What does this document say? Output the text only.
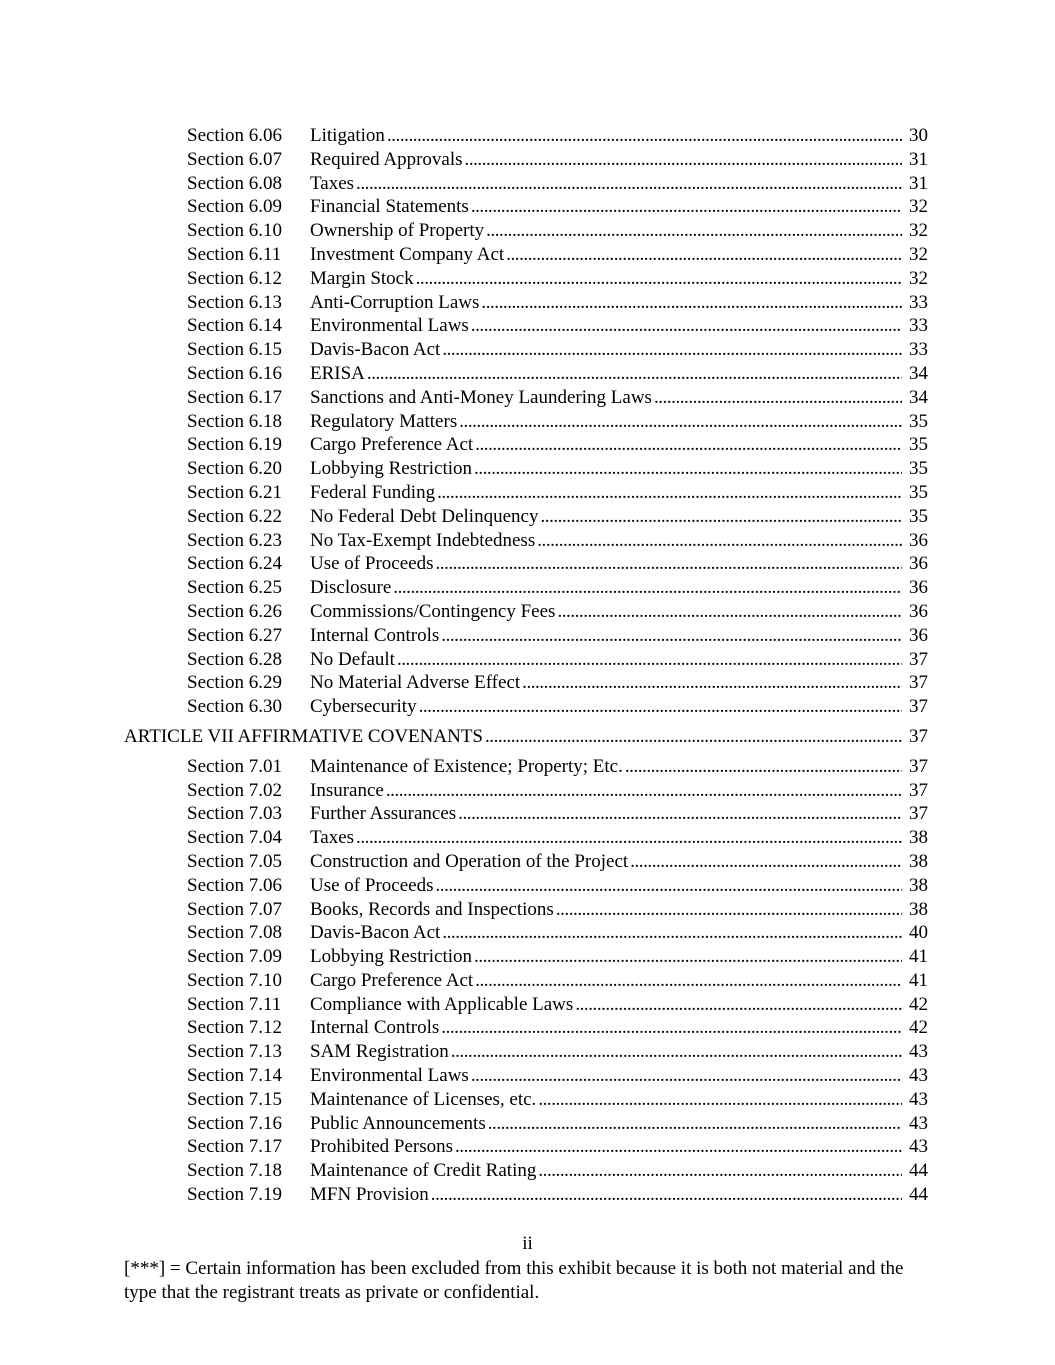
Section 6.06	Litigation . . .	30
Section 6.07	Required Approvals . . .	31
Section 6.08	Taxes . . .	31
Section 6.09	Financial Statements . . .	32
Section 6.10	Ownership of Property . . .	32
Section 6.11	Investment Company Act . . .	32
Section 6.12	Margin Stock . . .	32
Section 6.13	Anti-Corruption Laws . . .	33
Section 6.14	Environmental Laws . . .	33
Section 6.15	Davis-Bacon Act . . .	33
Section 6.16	ERISA . . .	34
Section 6.17	Sanctions and Anti-Money Laundering Laws . . .	34
Section 6.18	Regulatory Matters . . .	35
Section 6.19	Cargo Preference Act . . .	35
Section 6.20	Lobbying Restriction . . .	35
Section 6.21	Federal Funding . . .	35
Section 6.22	No Federal Debt Delinquency . . .	35
Section 6.23	No Tax-Exempt Indebtedness . . .	36
Section 6.24	Use of Proceeds . . .	36
Section 6.25	Disclosure . . .	36
Section 6.26	Commissions/Contingency Fees . . .	36
Section 6.27	Internal Controls . . .	36
Section 6.28	No Default . . .	37
Section 6.29	No Material Adverse Effect . . .	37
Section 6.30	Cybersecurity . . .	37
ARTICLE VII AFFIRMATIVE COVENANTS . . .	37
Section 7.01	Maintenance of Existence; Property; Etc. . . .	37
Section 7.02	Insurance . . .	37
Section 7.03	Further Assurances . . .	37
Section 7.04	Taxes . . .	38
Section 7.05	Construction and Operation of the Project . . .	38
Section 7.06	Use of Proceeds . . .	38
Section 7.07	Books, Records and Inspections . . .	38
Section 7.08	Davis-Bacon Act . . .	40
Section 7.09	Lobbying Restriction . . .	41
Section 7.10	Cargo Preference Act . . .	41
Section 7.11	Compliance with Applicable Laws . . .	42
Section 7.12	Internal Controls . . .	42
Section 7.13	SAM Registration . . .	43
Section 7.14	Environmental Laws . . .	43
Section 7.15	Maintenance of Licenses, etc. . . .	43
Section 7.16	Public Announcements . . .	43
Section 7.17	Prohibited Persons . . .	43
Section 7.18	Maintenance of Credit Rating . . .	44
Section 7.19	MFN Provision . . .	44
ii
[***] = Certain information has been excluded from this exhibit because it is both not material and the type that the registrant treats as private or confidential.
